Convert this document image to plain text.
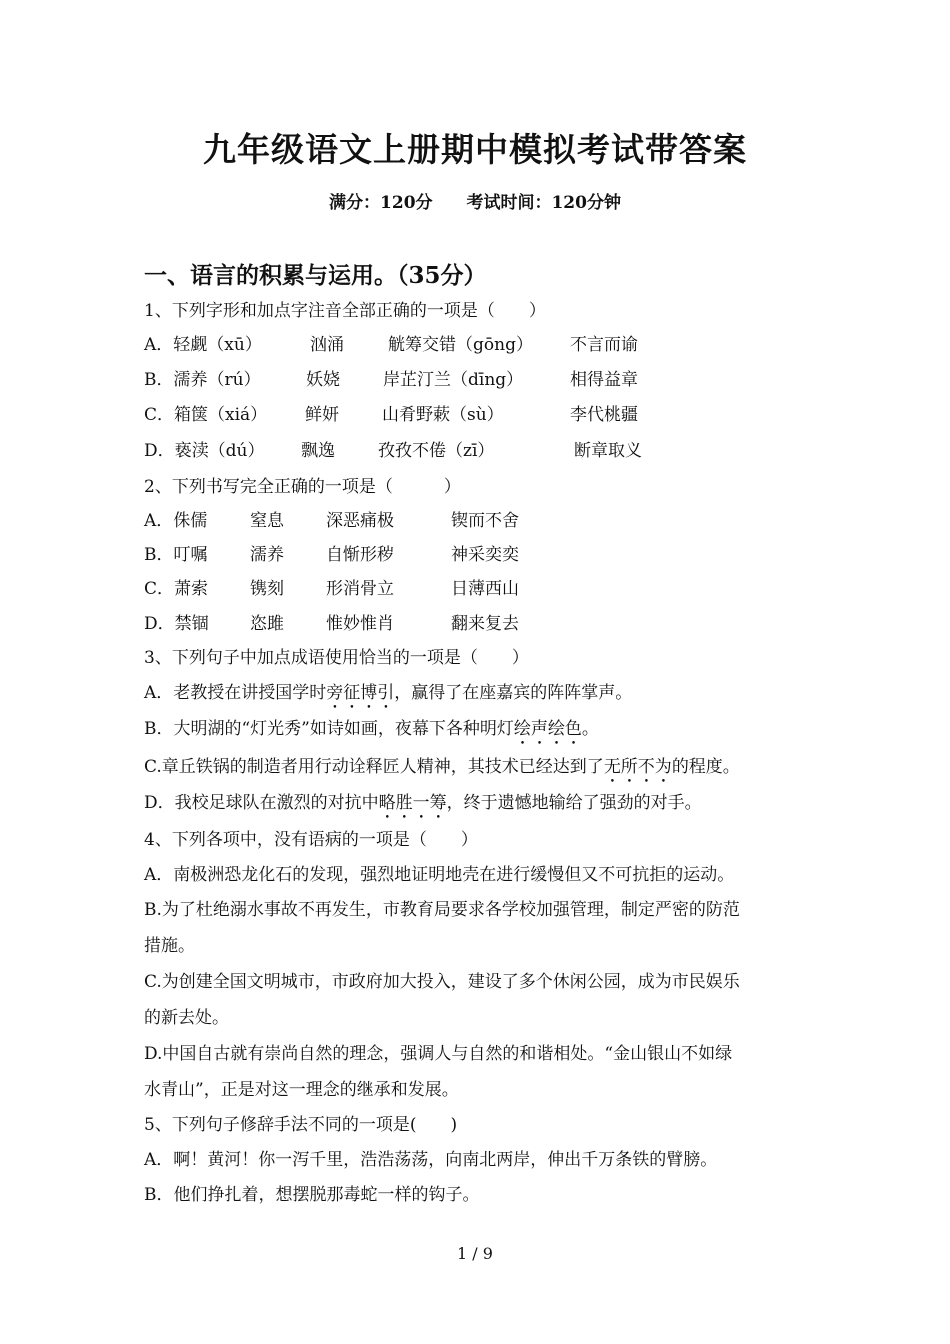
九年级语文上册期中模拟考试带答案
满分：120分 考试时间：120分钟
一、语言的积累与运用。（35分）
1、下列字形和加点字注音全部正确的一项是（　　）
A．轻觑（xū）	汹涌	觥筹交错（gōng） 不言而谕
B．濡养（rú）	妖娆	岸芷汀兰（dīng）	相得益章
C．箱箧（xiá） 鲜妍	山肴野蔌（sù）	李代桃疆
D．亵渎（dú） 飘逸	孜孜不倦（zī）	断章取义
2、下列书写完全正确的一项是（　　　）
A．侏儒	窒息 深恶痛极	锲而不舍
B．叮嘱	濡养 自惭形秽	神采奕奕
C．萧索 镌刻 形消骨立	日薄西山
D．禁锢 恣雎 惟妙惟肖	翻来复去
3、下列句子中加点成语使用恰当的一项是（　　）
A．老教授在讲授国学时旁征博引，赢得了在座嘉宾的阵阵掌声。
B．大明湖的“灯光秀”如诗如画，夜幕下各种明灯绘声绘色。
C.章丘铁锅的制造者用行动诠释匠人精神，其技术已经达到了无所不为的程度。
D．我校足球队在激烈的对抗中略胜一筹，终于遗憾地输给了强劲的对手。
4、下列各项中，没有语病的一项是（　　）
A．南极洲恐龙化石的发现，强烈地证明地壳在进行缓慢但又不可抗拒的运动。
B.为了杜绝溺水事故不再发生，市教育局要求各学校加强管理，制定严密的防范
措施。
C.为创建全国文明城市，市政府加大投入，建设了多个休闲公园，成为市民娱乐
的新去处。
D.中国自古就有崇尚自然的理念，强调人与自然的和谐相处。“金山银山不如绿
水青山”，正是对这一理念的继承和发展。
5、下列句子修辞手法不同的一项是(　　)
A．啊！黄河！你一泻千里，浩浩荡荡，向南北两岸，伸出千万条铁的臂膀。
B．他们挣扎着，想摆脱那毒蛇一样的钩子。
1 / 9
